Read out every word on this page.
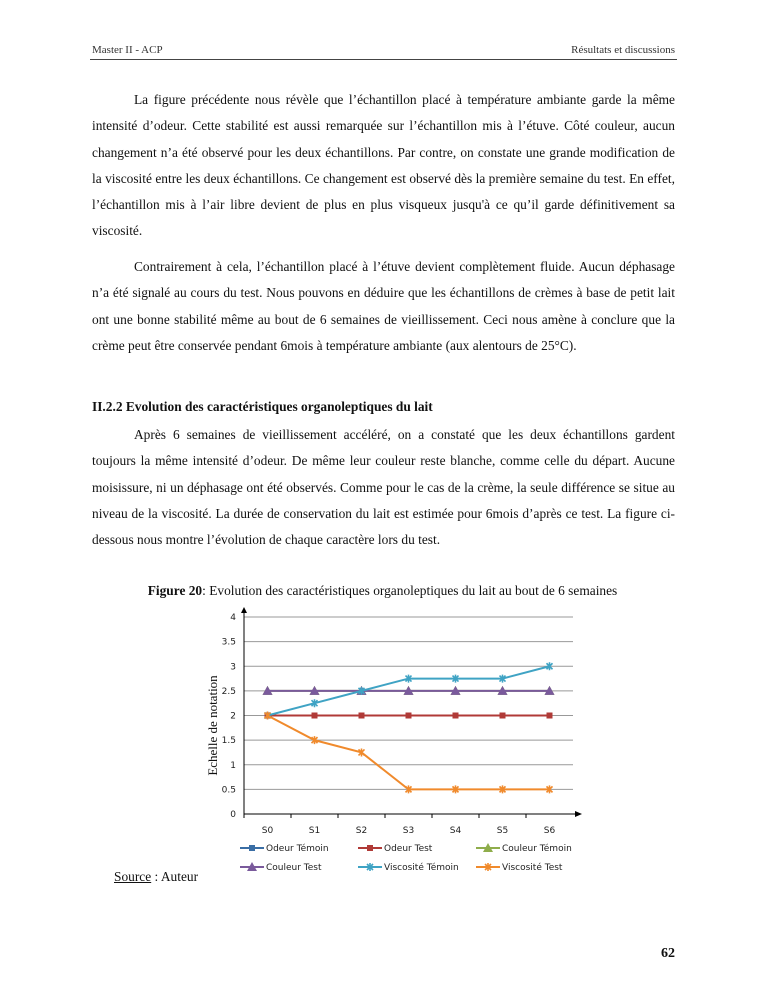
Master II - ACP	Résultats et discussions

La figure précédente nous révèle que l’échantillon placé à température ambiante garde la même intensité d’odeur. Cette stabilité est aussi remarquée sur l’échantillon mis à l’étuve. Côté couleur, aucun changement n’a été observé pour les deux échantillons. Par contre, on constate une grande modification de la viscosité entre les deux échantillons. Ce changement est observé dès la première semaine du test. En effet, l’échantillon mis à l’air libre devient de plus en plus visqueux jusqu'à ce qu’il garde définitivement sa viscosité.

Contrairement à cela, l’échantillon placé à l’étuve devient complètement fluide. Aucun déphasage n’a été signalé au cours du test. Nous pouvons en déduire que les échantillons de crèmes à base de petit lait ont une bonne stabilité même au bout de 6 semaines de vieillissement. Ceci nous amène à conclure que la crème peut être conservée pendant 6mois à température ambiante (aux alentours de 25°C).

II.2.2 Evolution des caractéristiques organoleptiques du lait

Après 6 semaines de vieillissement accéléré, on a constaté que les deux échantillons gardent toujours la même intensité d’odeur. De même leur couleur reste blanche, comme celle du départ. Aucune moisissure, ni un déphasage ont été observés. Comme pour le cas de la crème, la seule différence se situe au niveau de la viscosité. La durée de conservation du lait est estimée pour 6mois d’après ce test. La figure ci-dessous nous montre l’évolution de chaque caractère lors du test.

Figure 20: Evolution des caractéristiques organoleptiques du lait au bout de 6 semaines
0
0.5
1
1.5
2
2.5
3
3.5
4
S0	S1	S2	S3	S4	S5	S6
Echelle de notation
Odeur Témoin	Odeur Test	Couleur Témoin
Couleur Test	Viscosité Témoin	Viscosité Test
Source : Auteur
62
